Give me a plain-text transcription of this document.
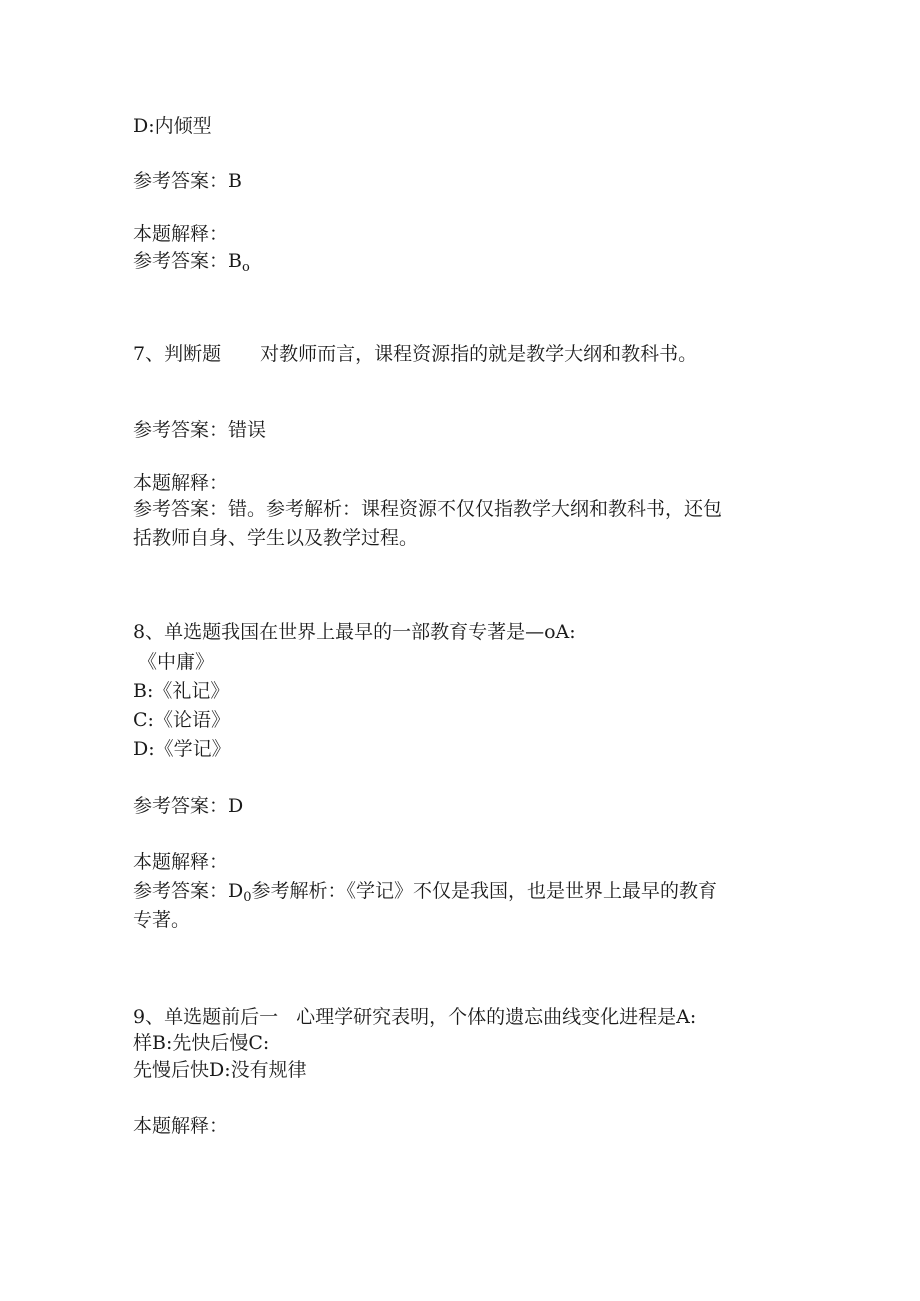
D:内倾型

参考答案：B

本题解释：

参考答案：$B_o$

7、判断题 对教师而言，课程资源指的就是教学大纲和教科书。

参考答案：错误

本题解释：

参考答案：错。参考解析：课程资源不仅仅指教学大纲和教科书，还包

括教师自身、学生以及教学过程。

8、单选题我国在世界上最早的一部教育专著是—oA:

《中庸》

B:《礼记》

C:《论语》

D:《学记》

参考答案：D

本题解释：

参考答案：$D_0$参考解析：《学记》不仅是我国，也是世界上最早的教育

专著。

9、单选题前后一 心理学研究表明，个体的遗忘曲线变化进程是A:

样B:先快后慢C:

先慢后快D:没有规律

本题解释：
